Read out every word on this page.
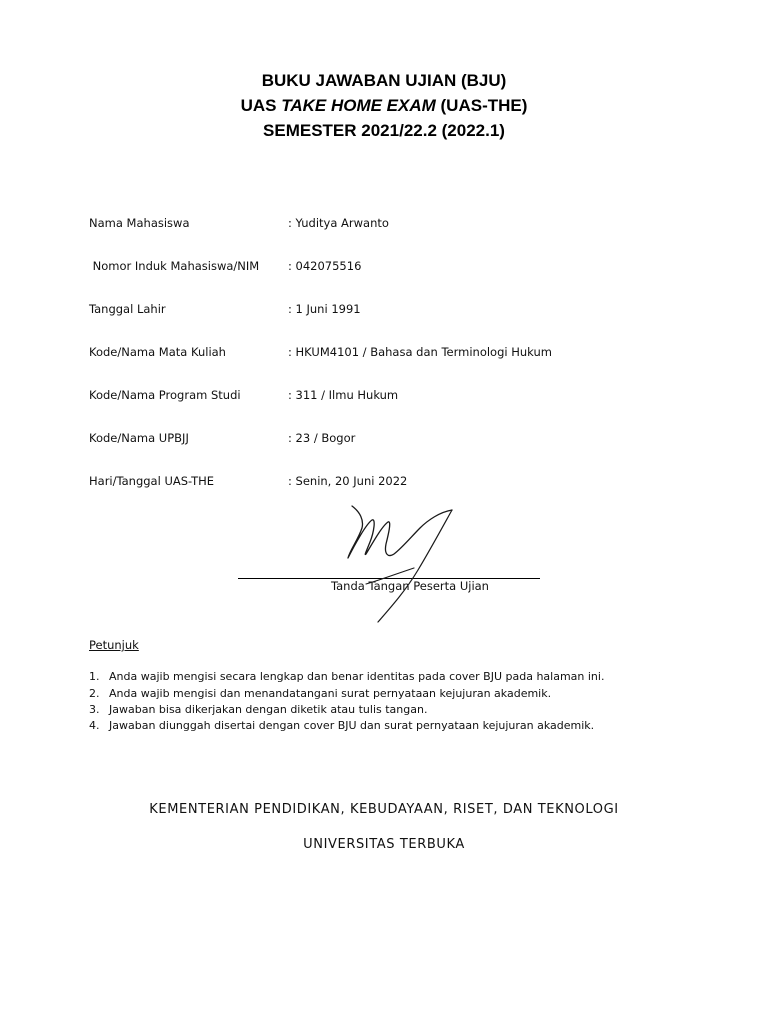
BUKU JAWABAN UJIAN (BJU)
UAS TAKE HOME EXAM (UAS-THE)
SEMESTER 2021/22.2 (2022.1)
Nama Mahasiswa	: Yuditya Arwanto
Nomor Induk Mahasiswa/NIM	: 042075516
Tanggal Lahir	: 1 Juni 1991
Kode/Nama Mata Kuliah	: HKUM4101 / Bahasa dan Terminologi Hukum
Kode/Nama Program Studi	: 311 / Ilmu Hukum
Kode/Nama UPBJJ	: 23 / Bogor
Hari/Tanggal UAS-THE	: Senin, 20 Juni 2022
Tanda Tangan Peserta Ujian
Petunjuk
1. Anda wajib mengisi secara lengkap dan benar identitas pada cover BJU pada halaman ini.
2. Anda wajib mengisi dan menandatangani surat pernyataan kejujuran akademik.
3. Jawaban bisa dikerjakan dengan diketik atau tulis tangan.
4. Jawaban diunggah disertai dengan cover BJU dan surat pernyataan kejujuran akademik.
KEMENTERIAN PENDIDIKAN, KEBUDAYAAN, RISET, DAN TEKNOLOGI
UNIVERSITAS TERBUKA
